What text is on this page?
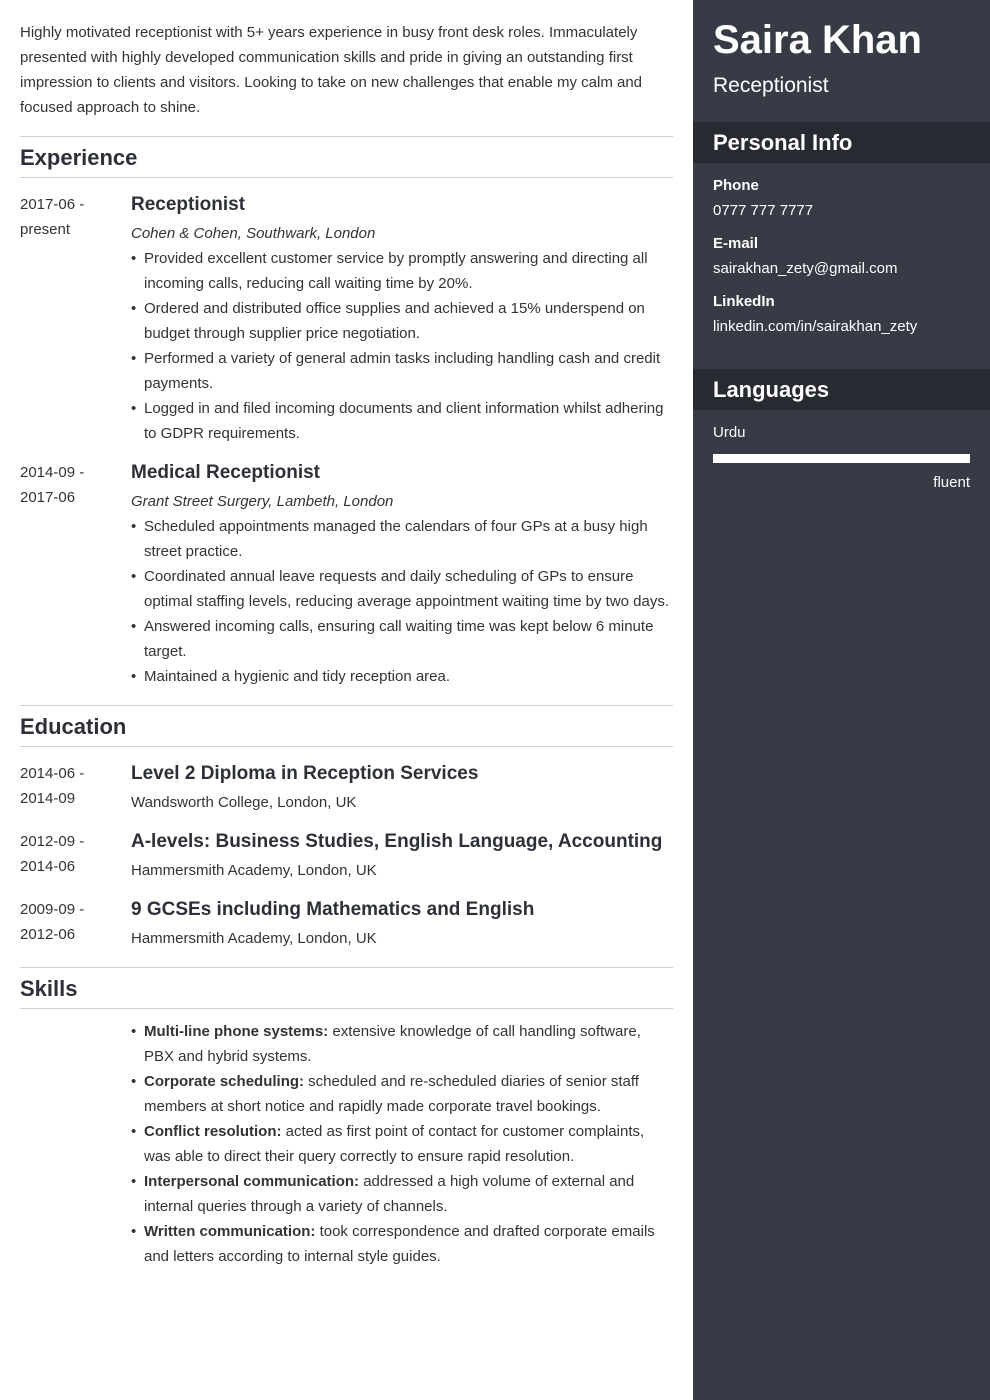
Highly motivated receptionist with 5+ years experience in busy front desk roles. Immaculately presented with highly developed communication skills and pride in giving an outstanding first impression to clients and visitors. Looking to take on new challenges that enable my calm and focused approach to shine.

Experience
2017-06 -
present
Receptionist
Cohen & Cohen, Southwark, London
• Provided excellent customer service by promptly answering and directing all incoming calls, reducing call waiting time by 20%.
• Ordered and distributed office supplies and achieved a 15% underspend on budget through supplier price negotiation.
• Performed a variety of general admin tasks including handling cash and credit payments.
• Logged in and filed incoming documents and client information whilst adhering to GDPR requirements.
2014-09 -
2017-06
Medical Receptionist
Grant Street Surgery, Lambeth, London
• Scheduled appointments managed the calendars of four GPs at a busy high street practice.
• Coordinated annual leave requests and daily scheduling of GPs to ensure optimal staffing levels, reducing average appointment waiting time by two days.
• Answered incoming calls, ensuring call waiting time was kept below 6 minute target.
• Maintained a hygienic and tidy reception area.
Education
2014-06 -
2014-09
Level 2 Diploma in Reception Services
Wandsworth College, London, UK
2012-09 -
2014-06
A-levels: Business Studies, English Language, Accounting
Hammersmith Academy, London, UK
2009-09 -
2012-06
9 GCSEs including Mathematics and English
Hammersmith Academy, London, UK
Skills
• Multi-line phone systems: extensive knowledge of call handling software, PBX and hybrid systems.
• Corporate scheduling: scheduled and re-scheduled diaries of senior staff members at short notice and rapidly made corporate travel bookings.
• Conflict resolution: acted as first point of contact for customer complaints, was able to direct their query correctly to ensure rapid resolution.
• Interpersonal communication: addressed a high volume of external and internal queries through a variety of channels.
• Written communication: took correspondence and drafted corporate emails and letters according to internal style guides.
Saira Khan
Receptionist
Personal Info
Phone
0777 777 7777
E-mail
sairakhan_zety@gmail.com
LinkedIn
linkedin.com/in/sairakhan_zety
Languages
Urdu
fluent
